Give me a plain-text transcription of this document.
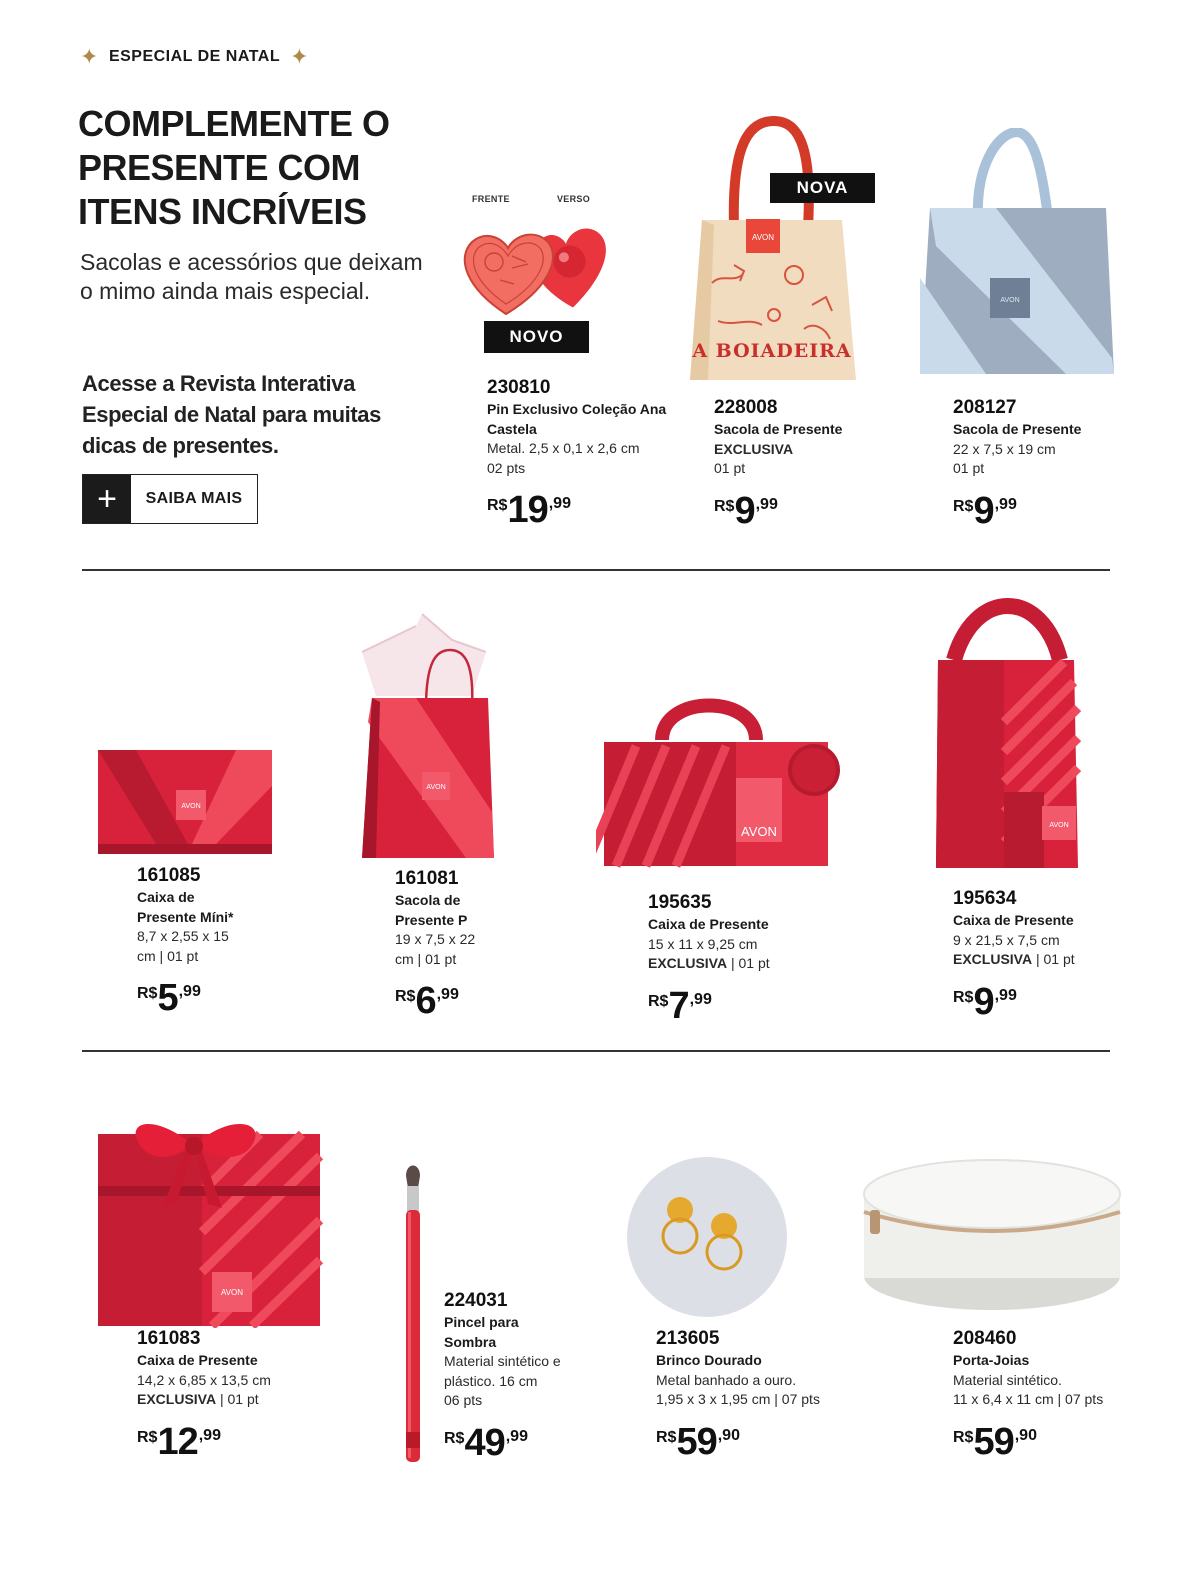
✦ ESPECIAL DE NATAL ✦
COMPLEMENTE O PRESENTE COM ITENS INCRÍVEIS

Sacolas e acessórios que deixam o mimo ainda mais especial.

Acesse a Revista Interativa Especial de Natal para muitas dicas de presentes.

+	SAIBA MAIS
FRENTE	VERSO
NOVO
AVON
A BOIADEIRA
NOVA
AVON
230810
Pin Exclusivo Coleção Ana Castela
Metal. 2,5 x 0,1 x 2,6 cm
02 pts
R$ 19 ,99
228008
Sacola de Presente
EXCLUSIVA
01 pt
R$ 9 ,99
208127
Sacola de Presente
22 x 7,5 x 19 cm
01 pt
R$ 9 ,99
AVON
AVON
AVON	AVON
161085
Caixa de Presente Míni*
8,7 x 2,55 x 15 cm | 01 pt
R$ 5 ,99
161081
Sacola de Presente P
19 x 7,5 x 22 cm | 01 pt
R$ 6 ,99
195635
Caixa de Presente
15 x 11 x 9,25 cm
EXCLUSIVA | 01 pt
R$ 7 ,99
195634
Caixa de Presente
9 x 21,5 x 7,5 cm
EXCLUSIVA | 01 pt
R$ 9 ,99
AVON
161083
Caixa de Presente
14,2 x 6,85 x 13,5 cm
EXCLUSIVA | 01 pt
R$ 12 ,99
224031
Pincel para Sombra
Material sintético e plástico. 16 cm
06 pts
R$ 49 ,99
213605
Brinco Dourado
Metal banhado a ouro.
1,95 x 3 x 1,95 cm | 07 pts
R$ 59 ,90
208460
Porta-Joias
Material sintético.
11 x 6,4 x 11 cm | 07 pts
R$ 59 ,90
